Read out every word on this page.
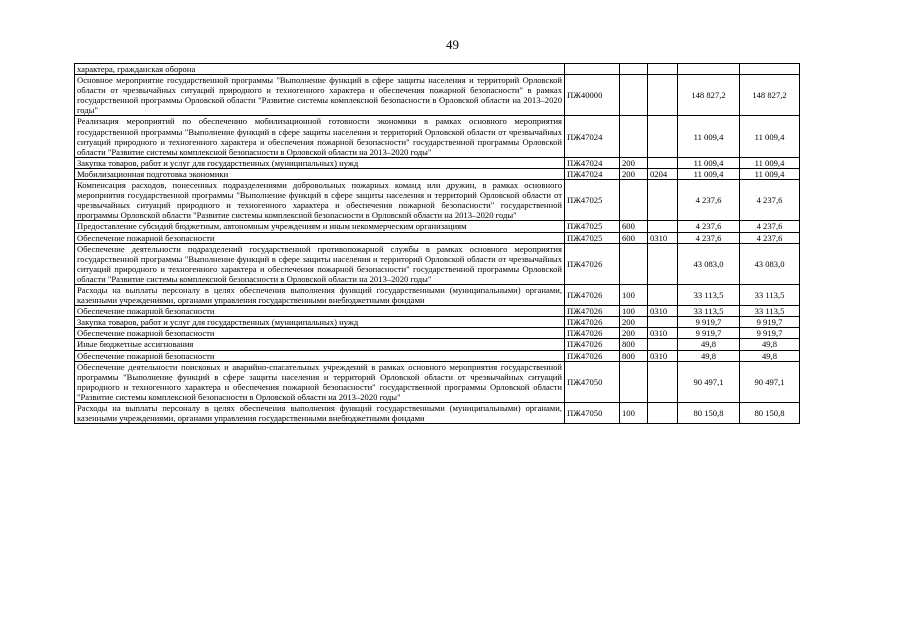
49
характера, гражданская оборона					
Основное мероприятие государственной программы "Выполнение функций в сфере защиты населения и территорий Орловской области от чрезвычайных ситуаций природного и техногенного характера и обеспечения пожарной безопасности" в рамках государственной программы Орловской области "Развитие системы комплексной безопасности в Орловской области на 2013–2020 годы"	ПЖ40000			148 827,2	148 827,2
Реализация мероприятий по обеспечению мобилизационной готовности экономики в рамках основного мероприятия государственной программы "Выполнение функций в сфере защиты населения и территорий Орловской области от чрезвычайных ситуаций природного и техногенного характера и обеспечения пожарной безопасности" государственной программы Орловской области "Развитие системы комплексной безопасности в Орловской области на 2013–2020 годы"	ПЖ47024			11 009,4	11 009,4
Закупка товаров, работ и услуг для государственных (муниципальных) нужд	ПЖ47024	200		11 009,4	11 009,4
Мобилизационная подготовка экономики	ПЖ47024	200	0204	11 009,4	11 009,4
Компенсация расходов, понесенных подразделениями добровольных пожарных команд или дружин, в рамках основного мероприятия государственной программы "Выполнение функций в сфере защиты населения и территорий Орловской области от чрезвычайных ситуаций природного и техногенного характера и обеспечения пожарной безопасности" государственной программы Орловской области "Развитие системы комплексной безопасности в Орловской области на 2013–2020 годы"	ПЖ47025			4 237,6	4 237,6
Предоставление субсидий бюджетным, автономным учреждениям и иным некоммерческим организациям	ПЖ47025	600		4 237,6	4 237,6
Обеспечение пожарной безопасности	ПЖ47025	600	0310	4 237,6	4 237,6
Обеспечение деятельности подразделений государственной противопожарной службы в рамках основного мероприятия государственной программы "Выполнение функций в сфере защиты населения и территорий Орловской области от чрезвычайных ситуаций природного и техногенного характера и обеспечения пожарной безопасности" государственной программы Орловской области "Развитие системы комплексной безопасности в Орловской области на 2013–2020 годы"	ПЖ47026			43 083,0	43 083,0
Расходы на выплаты персоналу в целях обеспечения выполнения функций государственными (муниципальными) органами, казенными учреждениями, органами управления государственными внебюджетными фондами	ПЖ47026	100		33 113,5	33 113,5
Обеспечение пожарной безопасности	ПЖ47026	100	0310	33 113,5	33 113,5
Закупка товаров, работ и услуг для государственных (муниципальных) нужд	ПЖ47026	200		9 919,7	9 919,7
Обеспечение пожарной безопасности	ПЖ47026	200	0310	9 919,7	9 919,7
Иные бюджетные ассигнования	ПЖ47026	800		49,8	49,8
Обеспечение пожарной безопасности	ПЖ47026	800	0310	49,8	49,8
Обеспечение деятельности поисковых и аварийно-спасательных учреждений в рамках основного мероприятия государственной программы "Выполнение функций в сфере защиты населения и территорий Орловской области от чрезвычайных ситуаций природного и техногенного характера и обеспечения пожарной безопасности" государственной программы Орловской области "Развитие системы комплексной безопасности в Орловской области на 2013–2020 годы"	ПЖ47050			90 497,1	90 497,1
Расходы на выплаты персоналу в целях обеспечения выполнения функций государственными (муниципальными) органами, казенными учреждениями, органами управления государственными внебюджетными фондами	ПЖ47050	100		80 150,8	80 150,8
